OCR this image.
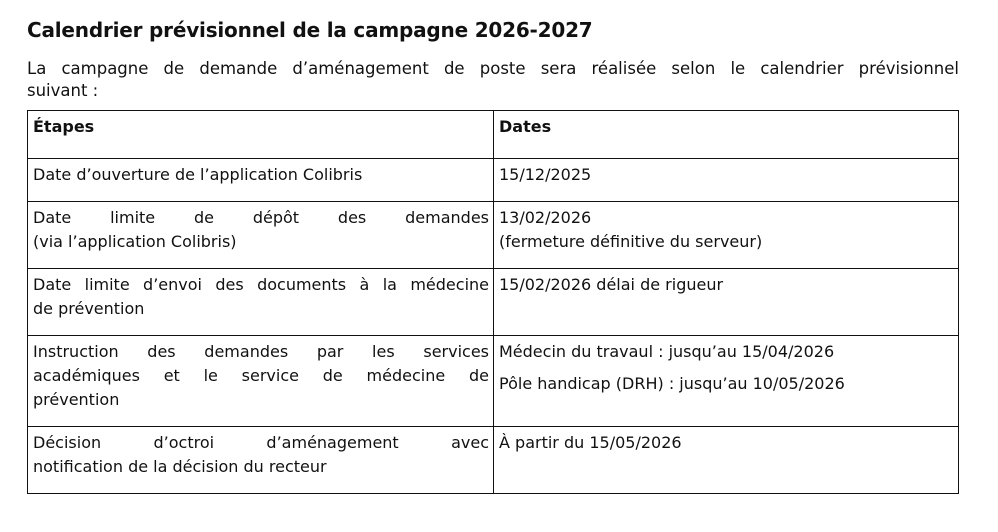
Calendrier prévisionnel de la campagne 2026-2027

La campagne de demande d’aménagement de poste sera réalisée selon le calendrier prévisionnel
suivant :

Étapes	Dates

Date d’ouverture de l’application Colibris	15/12/2025

Date limite de dépôt des demandes
(via l’application Colibris)	13/02/2026
(fermeture définitive du serveur)

Date limite d’envoi des documents à la médecine
de prévention	15/02/2026 délai de rigueur

Instruction des demandes par les services
académiques et le service de médecine de
prévention	Médecin du travaul : jusqu’au 15/04/2026
Pôle handicap (DRH) : jusqu’au 10/05/2026

Décision d’octroi d’aménagement avec
notification de la décision du recteur	À partir du 15/05/2026
